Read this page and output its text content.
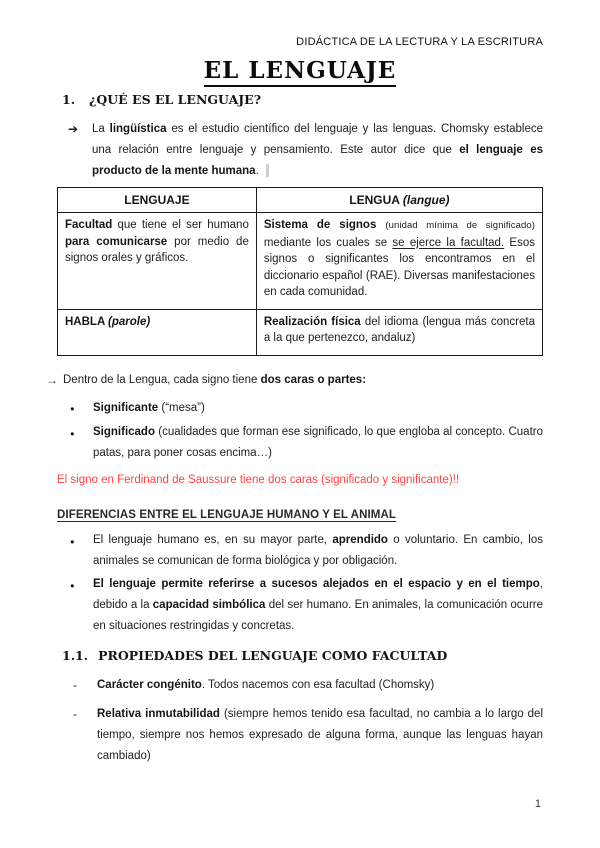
DIDÁCTICA DE LA LECTURA Y LA ESCRITURA
EL LENGUAJE
1. ¿QUÉ ES EL LENGUAJE?
➔	La lingüística es el estudio científico del lenguaje y las lenguas. Chomsky establece una relación entre lenguaje y pensamiento. Este autor dice que el lenguaje es producto de la mente humana.

LENGUAJE	LENGUA (langue)
Facultad que tiene el ser humano para comunicarse por medio de signos orales y gráficos.	Sistema de signos (unidad mínima de significado) mediante los cuales se se ejerce la facultad. Esos signos o significantes los encontramos en el diccionario español (RAE). Diversas manifestaciones en cada comunidad.
HABLA (parole)	Realización física del idioma (lengua más concreta a la que pertenezco, andaluz)
→ Dentro de la Lengua, cada signo tiene dos caras o partes:

●	Significante (“mesa”)

●	Significado (cualidades que forman ese significado, lo que engloba al concepto. Cuatro patas, para poner cosas encima…)

El signo en Ferdinand de Saussure tiene dos caras (significado y significante)!!
DIFERENCIAS ENTRE EL LENGUAJE HUMANO Y EL ANIMAL
●	El lenguaje humano es, en su mayor parte, aprendido o voluntario. En cambio, los animales se comunican de forma biológica y por obligación.

●	El lenguaje permite referirse a sucesos alejados en el espacio y en el tiempo, debido a la capacidad simbólica del ser humano. En animales, la comunicación ocurre en situaciones restringidas y concretas.

1.1. PROPIEDADES DEL LENGUAJE COMO FACULTAD
-	Carácter congénito. Todos nacemos con esa facultad (Chomsky)

-	Relativa inmutabilidad (siempre hemos tenido esa facultad, no cambia a lo largo del tiempo, siempre nos hemos expresado de alguna forma, aunque las lenguas hayan cambiado)

1
